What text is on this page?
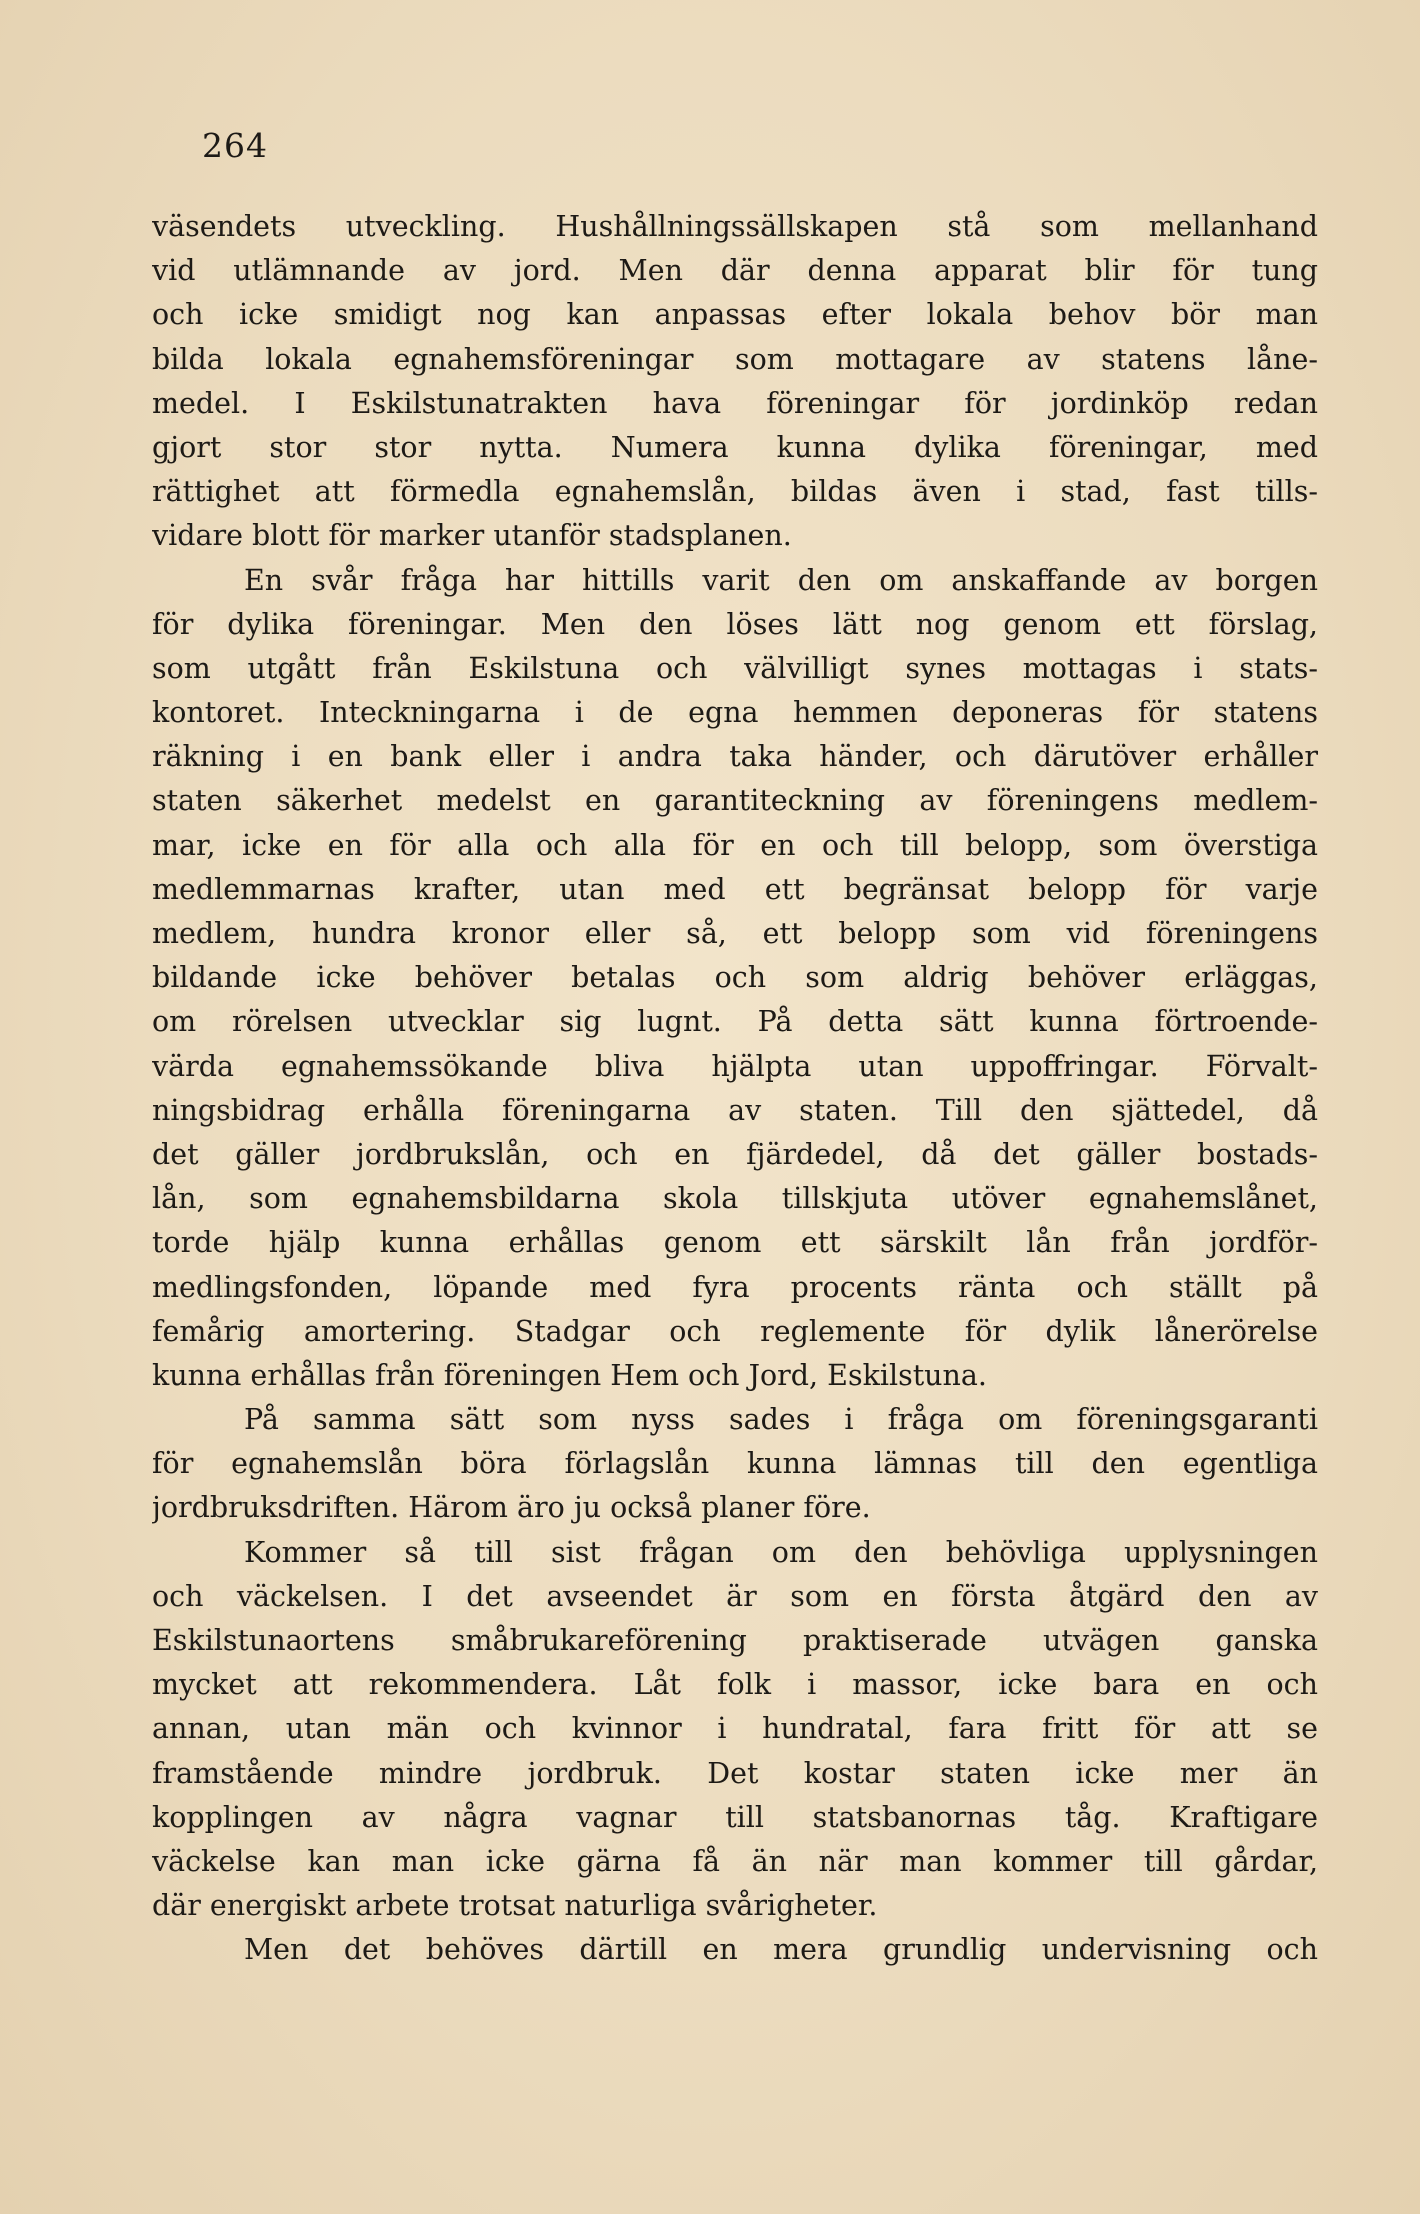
264

väsendets utveckling. Hushållningssällskapen stå som mellanhand
vid utlämnande av jord. Men där denna apparat blir för tung
och icke smidigt nog kan anpassas efter lokala behov bör man
bilda lokala egnahemsföreningar som mottagare av statens låne-
medel. I Eskilstunatrakten hava föreningar för jordinköp redan
gjort stor stor nytta. Numera kunna dylika föreningar, med
rättighet att förmedla egnahemslån, bildas även i stad, fast tills-
vidare blott för marker utanför stadsplanen.
En svår fråga har hittills varit den om anskaffande av borgen
för dylika föreningar. Men den löses lätt nog genom ett förslag,
som utgått från Eskilstuna och välvilligt synes mottagas i stats-
kontoret. Inteckningarna i de egna hemmen deponeras för statens
räkning i en bank eller i andra taka händer, och därutöver erhåller
staten säkerhet medelst en garantiteckning av föreningens medlem-
mar, icke en för alla och alla för en och till belopp, som överstiga
medlemmarnas krafter, utan med ett begränsat belopp för varje
medlem, hundra kronor eller så, ett belopp som vid föreningens
bildande icke behöver betalas och som aldrig behöver erläggas,
om rörelsen utvecklar sig lugnt. På detta sätt kunna förtroende-
värda egnahemssökande bliva hjälpta utan uppoffringar. Förvalt-
ningsbidrag erhålla föreningarna av staten. Till den sjättedel, då
det gäller jordbrukslån, och en fjärdedel, då det gäller bostads-
lån, som egnahemsbildarna skola tillskjuta utöver egnahemslånet,
torde hjälp kunna erhållas genom ett särskilt lån från jordför-
medlingsfonden, löpande med fyra procents ränta och ställt på
femårig amortering. Stadgar och reglemente för dylik lånerörelse
kunna erhållas från föreningen Hem och Jord, Eskilstuna.
På samma sätt som nyss sades i fråga om föreningsgaranti
för egnahemslån böra förlagslån kunna lämnas till den egentliga
jordbruksdriften. Härom äro ju också planer före.
Kommer så till sist frågan om den behövliga upplysningen
och väckelsen. I det avseendet är som en första åtgärd den av
Eskilstunaortens småbrukareförening praktiserade utvägen ganska
mycket att rekommendera. Låt folk i massor, icke bara en och
annan, utan män och kvinnor i hundratal, fara fritt för att se
framstående mindre jordbruk. Det kostar staten icke mer än
kopplingen av några vagnar till statsbanornas tåg. Kraftigare
väckelse kan man icke gärna få än när man kommer till gårdar,
där energiskt arbete trotsat naturliga svårigheter.
Men det behöves därtill en mera grundlig undervisning och
